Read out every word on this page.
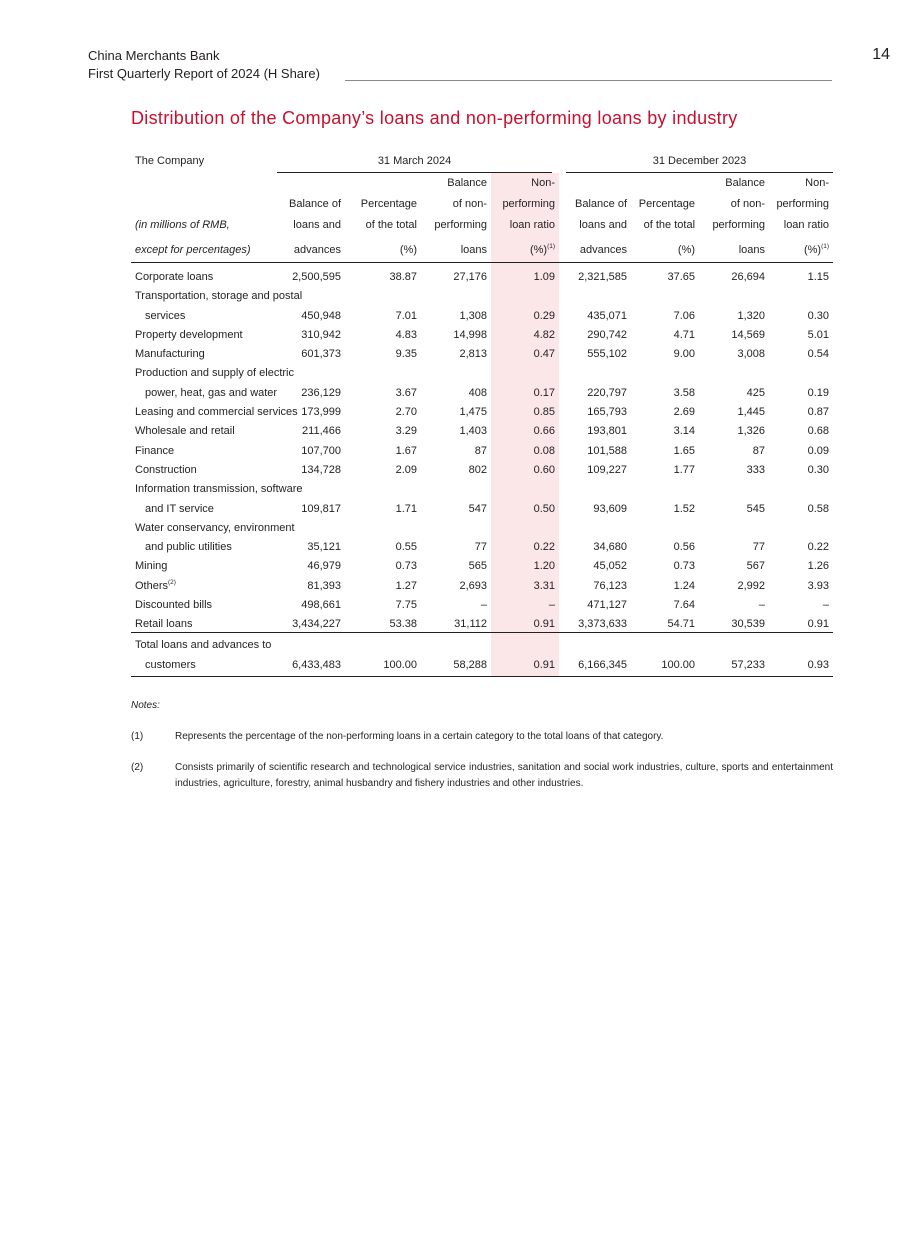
China Merchants Bank
First Quarterly Report of 2024 (H Share)
14
Distribution of the Company’s loans and non-performing loans by industry
The Company	31 March 2024				31 December 2023			
			Balance	Non-			Balance	Non-
	Balance of	Percentage	of non-	performing	Balance of	Percentage	of non-	performing
(in millions of RMB,	loans and	of the total	performing	loan ratio	loans and	of the total	performing	loan ratio
except for percentages)	advances	(%)	loans	(%)$^{(1)}$	advances	(%)	loans	(%)$^{(1)}$
Corporate loans	2,500,595	38.87	27,176	1.09	2,321,585	37.65	26,694	1.15
Transportation, storage and postal								
services	450,948	7.01	1,308	0.29	435,071	7.06	1,320	0.30
Property development	310,942	4.83	14,998	4.82	290,742	4.71	14,569	5.01
Manufacturing	601,373	9.35	2,813	0.47	555,102	9.00	3,008	0.54
Production and supply of electric								
power, heat, gas and water	236,129	3.67	408	0.17	220,797	3.58	425	0.19
Leasing and commercial services	173,999	2.70	1,475	0.85	165,793	2.69	1,445	0.87
Wholesale and retail	211,466	3.29	1,403	0.66	193,801	3.14	1,326	0.68
Finance	107,700	1.67	87	0.08	101,588	1.65	87	0.09
Construction	134,728	2.09	802	0.60	109,227	1.77	333	0.30
Information transmission, software								
and IT service	109,817	1.71	547	0.50	93,609	1.52	545	0.58
Water conservancy, environment								
and public utilities	35,121	0.55	77	0.22	34,680	0.56	77	0.22
Mining	46,979	0.73	565	1.20	45,052	0.73	567	1.26
Others$^{(2)}$	81,393	1.27	2,693	3.31	76,123	1.24	2,992	3.93
Discounted bills	498,661	7.75	–	–	471,127	7.64	–	–
Retail loans	3,434,227	53.38	31,112	0.91	3,373,633	54.71	30,539	0.91
Total loans and advances to								
customers	6,433,483	100.00	58,288	0.91	6,166,345	100.00	57,233	0.93
Notes:
(1)	Represents the percentage of the non-performing loans in a certain category to the total loans of that category.
(2)	Consists primarily of scientific research and technological service industries, sanitation and social work industries, culture, sports and entertainment industries, agriculture, forestry, animal husbandry and fishery industries and other industries.
